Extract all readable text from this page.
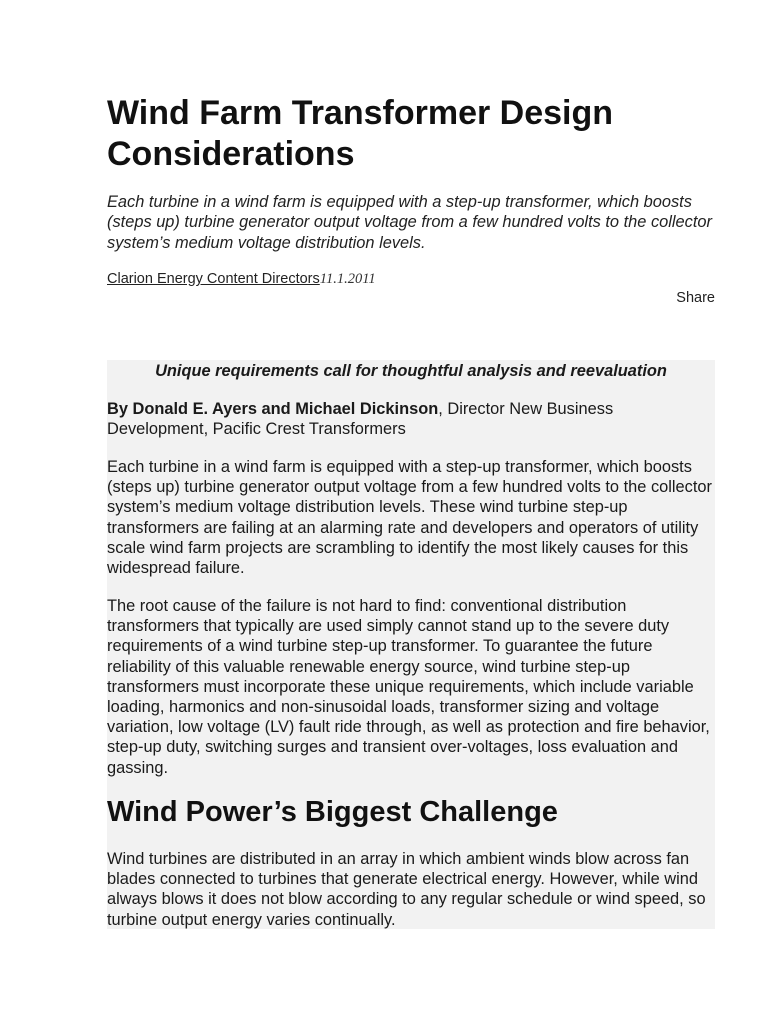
Wind Farm Transformer Design Considerations

Each turbine in a wind farm is equipped with a step-up transformer, which boosts (steps up) turbine generator output voltage from a few hundred volts to the collector system’s medium voltage distribution levels.

Clarion Energy Content Directors11.1.2011
Share

Unique requirements call for thoughtful analysis and reevaluation

By Donald E. Ayers and Michael Dickinson, Director New Business Development, Pacific Crest Transformers

Each turbine in a wind farm is equipped with a step-up transformer, which boosts (steps up) turbine generator output voltage from a few hundred volts to the collector system’s medium voltage distribution levels. These wind turbine step-up transformers are failing at an alarming rate and developers and operators of utility scale wind farm projects are scrambling to identify the most likely causes for this widespread failure.

The root cause of the failure is not hard to find: conventional distribution transformers that typically are used simply cannot stand up to the severe duty requirements of a wind turbine step-up transformer. To guarantee the future reliability of this valuable renewable energy source, wind turbine step-up transformers must incorporate these unique requirements, which include variable loading, harmonics and non-sinusoidal loads, transformer sizing and voltage variation, low voltage (LV) fault ride through, as well as protection and fire behavior, step-up duty, switching surges and transient over-voltages, loss evaluation and gassing.

Wind Power’s Biggest Challenge

Wind turbines are distributed in an array in which ambient winds blow across fan blades connected to turbines that generate electrical energy. However, while wind always blows it does not blow according to any regular schedule or wind speed, so turbine output energy varies continually.
